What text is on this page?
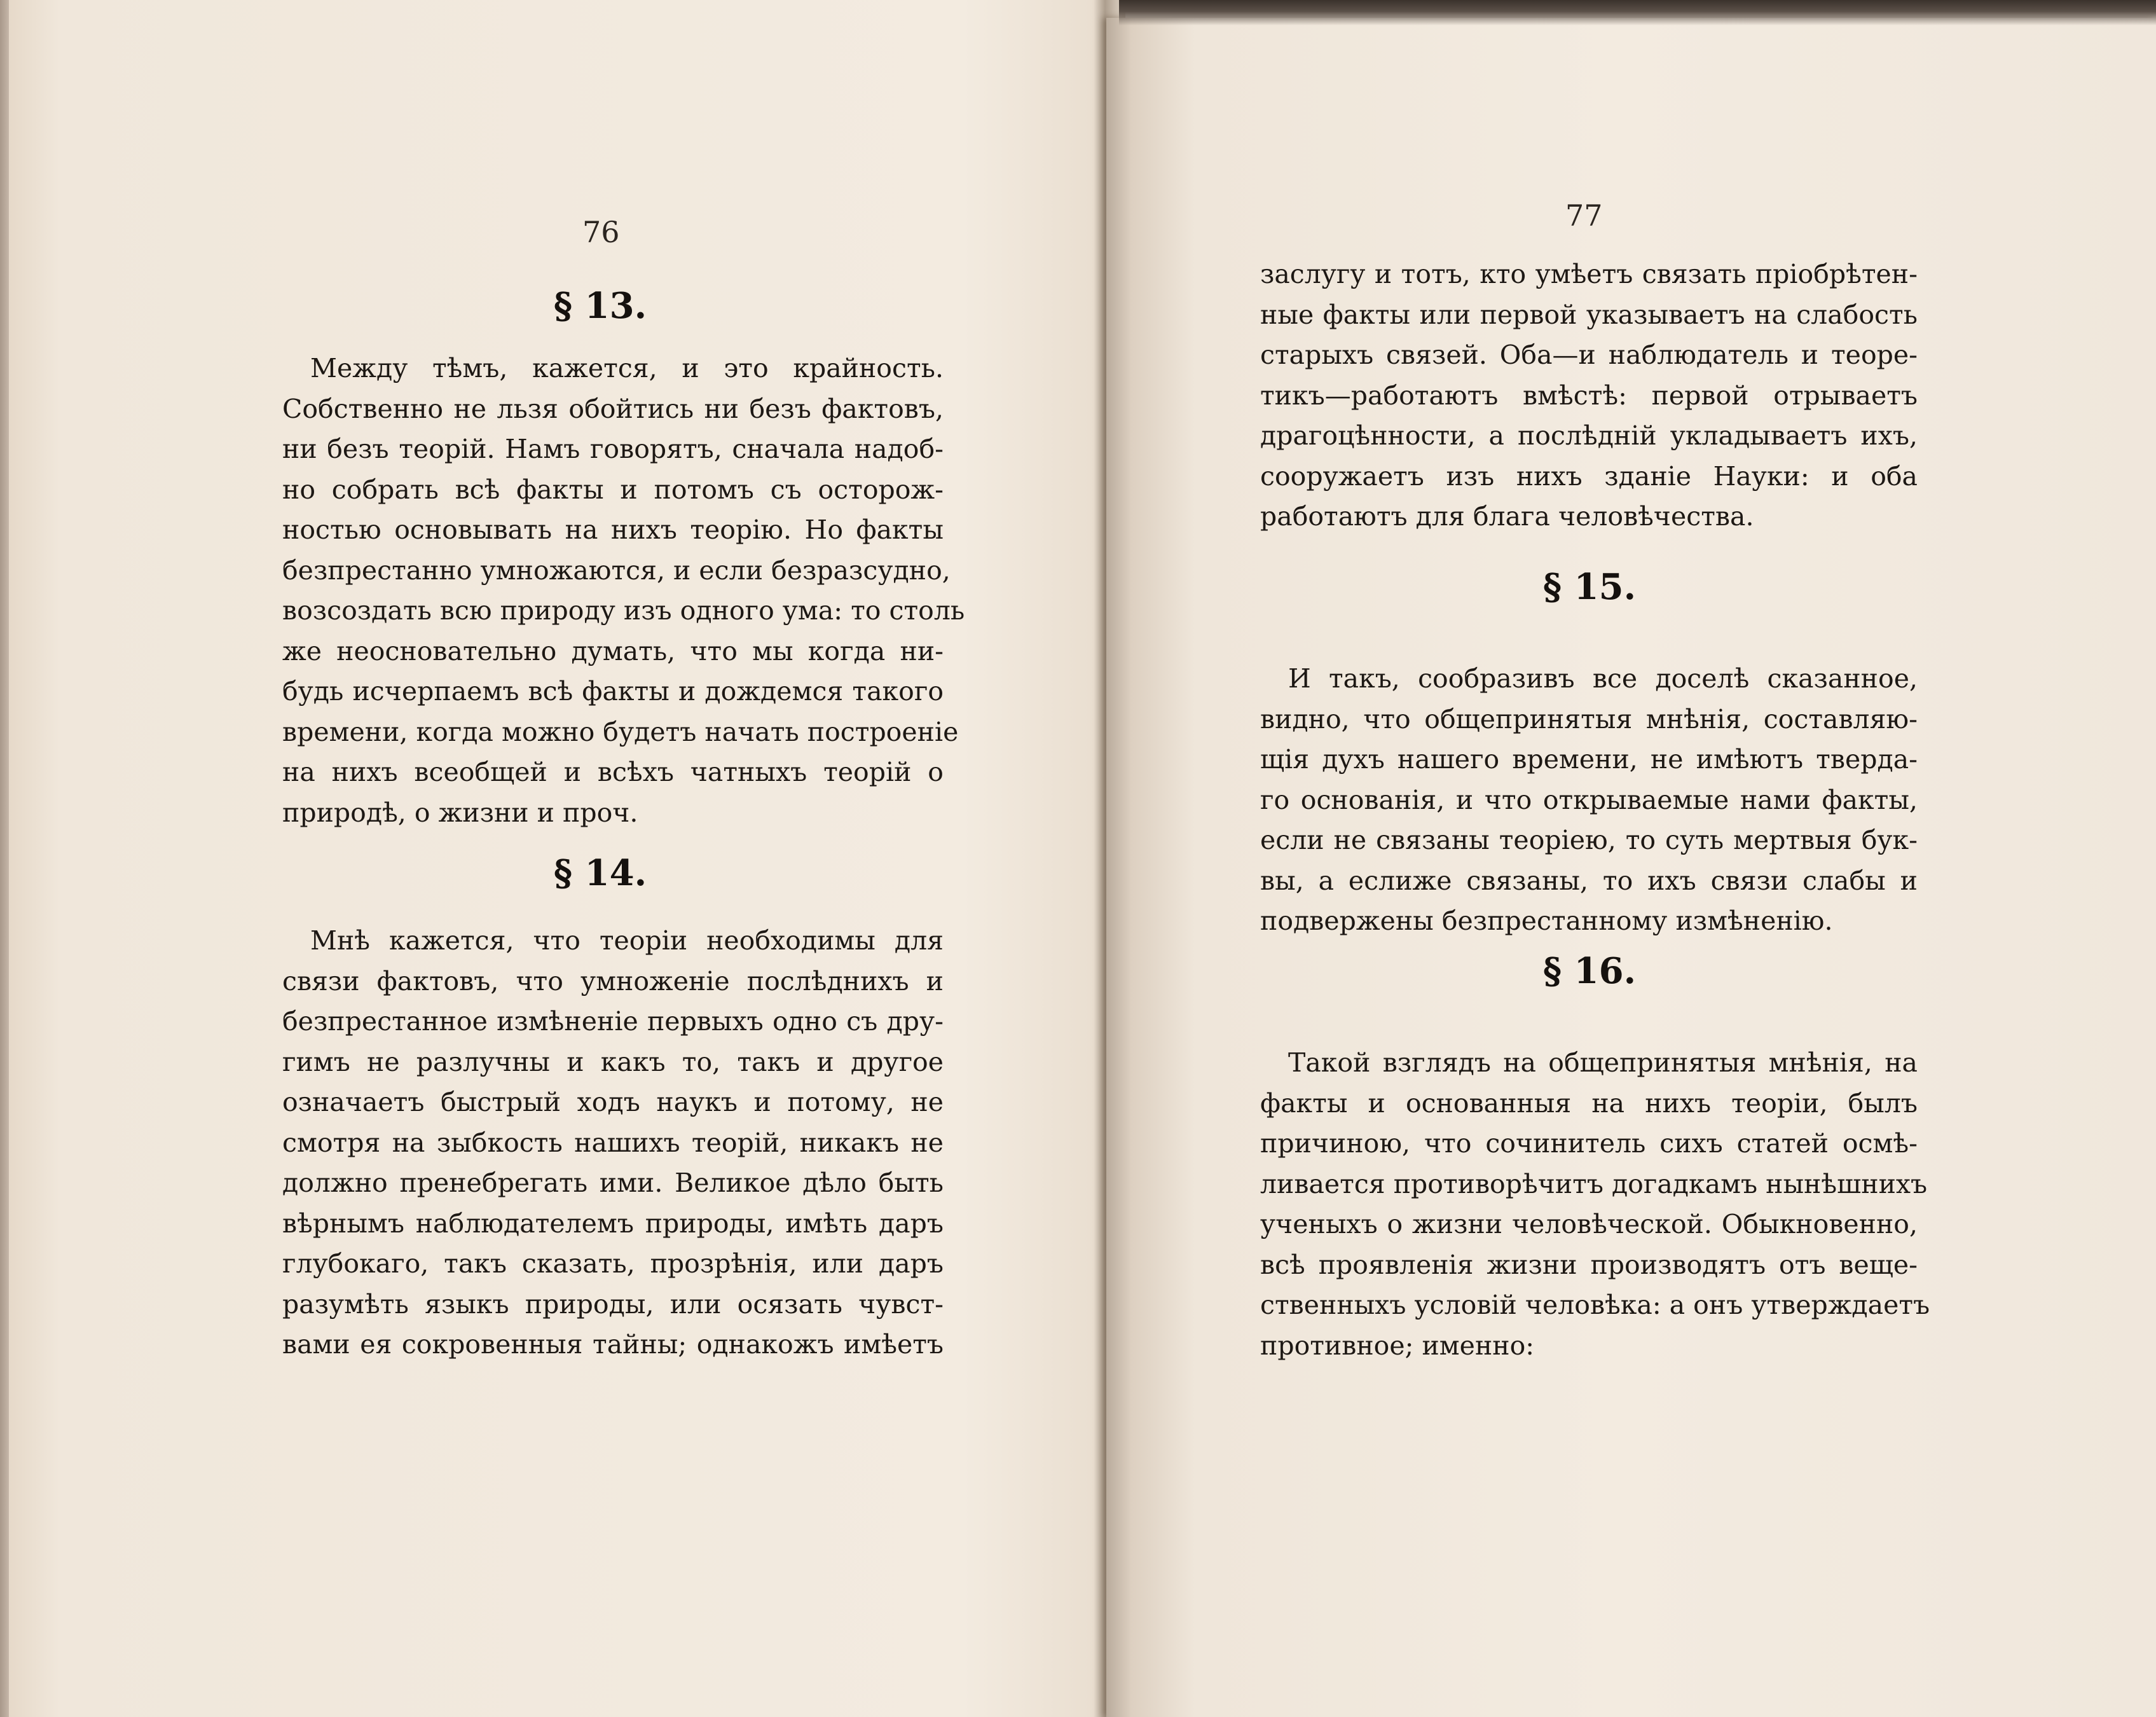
76
§ 13.

Между тѣмъ, кажется, и это крайность.
Собственно не льзя обойтись ни безъ фактовъ,
ни безъ теорій. Намъ говорятъ, сначала надоб-
но собрать всѣ факты и потомъ съ осторож-
ностью основывать на нихъ теорію. Но факты
безпрестанно умножаются, и если безразсудно,
возсоздать всю природу изъ одного ума: то столь
же неосновательно думать, что мы когда ни-
будь исчерпаемъ всѣ факты и дождемся такого
времени, когда можно будетъ начать построеніе
на нихъ всеобщей и всѣхъ чатныхъ теорій о
природѣ, о жизни и проч.

§ 14.

Мнѣ кажется, что теоріи необходимы для
связи фактовъ, что умноженіе послѣднихъ и
безпрестанное измѣненіе первыхъ одно съ дру-
гимъ не разлучны и какъ то, такъ и другое
означаетъ быстрый ходъ наукъ и потому, не
смотря на зыбкость нашихъ теорій, никакъ не
должно пренебрегать ими. Великое дѣло быть
вѣрнымъ наблюдателемъ природы, имѣть даръ
глубокаго, такъ сказать, прозрѣнія, или даръ
разумѣть языкъ природы, или осязать чувст-
вами ея сокровенныя тайны; однакожъ имѣетъ

77

заслугу и тотъ, кто умѣетъ связать пріобрѣтен-
ные факты или первой указываетъ на слабость
старыхъ связей. Оба—и наблюдатель и теоре-
тикъ—работаютъ вмѣстѣ: первой отрываетъ
драгоцѣнности, а послѣдній укладываетъ ихъ,
сооружаетъ изъ нихъ зданіе Науки: и оба
работаютъ для блага человѣчества.

§ 15.

И такъ, сообразивъ все доселѣ сказанное,
видно, что общепринятыя мнѣнія, составляю-
щія духъ нашего времени, не имѣютъ тверда-
го основанія, и что открываемые нами факты,
если не связаны теоріею, то суть мертвыя бук-
вы, а еслиже связаны, то ихъ связи слабы и
подвержены безпрестанному измѣненію.

§ 16.

Такой взглядъ на общепринятыя мнѣнія, на
факты и основанныя на нихъ теоріи, былъ
причиною, что сочинитель сихъ статей осмѣ-
ливается противорѣчитъ догадкамъ нынѣшнихъ
ученыхъ о жизни человѣческой. Обыкновенно,
всѣ проявленія жизни производятъ отъ веще-
ственныхъ условій человѣка: а онъ утверждаетъ
противное; именно:
